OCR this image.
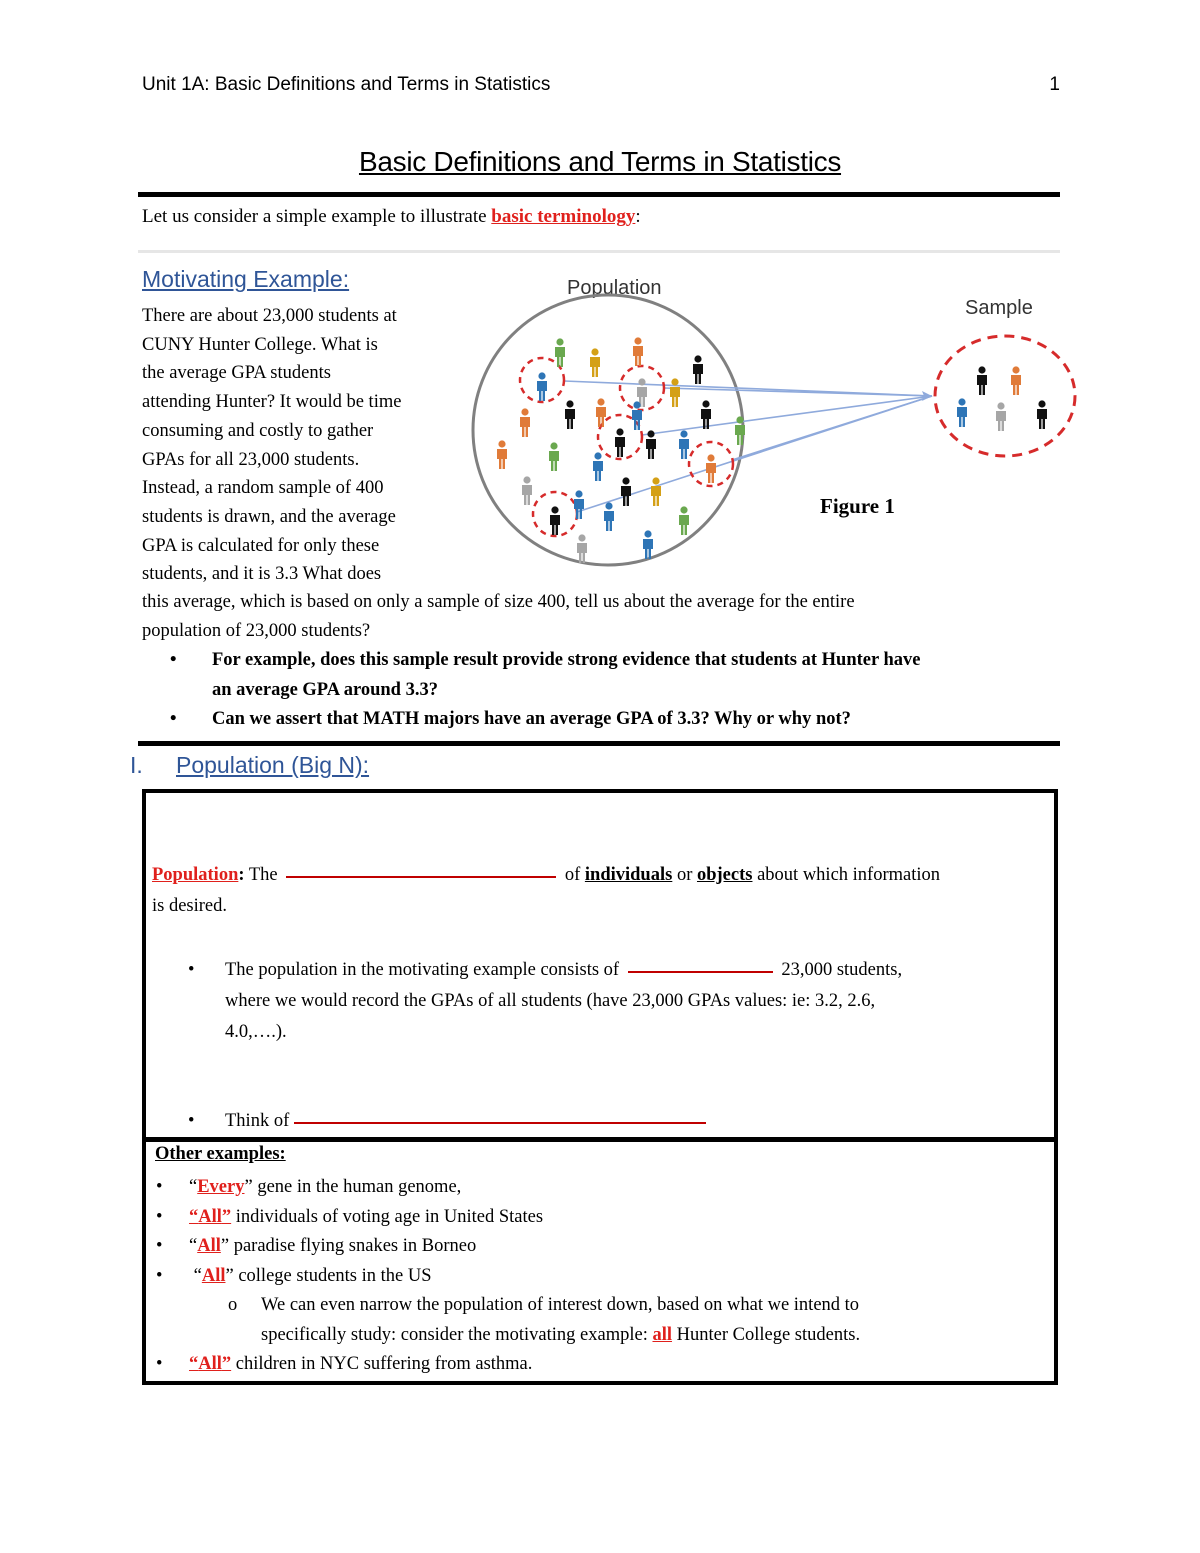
Unit 1A: Basic Definitions and Terms in Statistics	1
Basic Definitions and Terms in Statistics
Let us consider a simple example to illustrate basic terminology:
Motivating Example:
There are about 23,000 students at
CUNY Hunter College. What is
the average GPA students
attending Hunter? It would be time
consuming and costly to gather
GPAs for all 23,000 students.
Instead, a random sample of 400
students is drawn, and the average
GPA is calculated for only these
students, and it is 3.3 What does
Population
Sample
Figure 1
this average, which is based on only a sample of size 400, tell us about the average for the entire
population of 23,000 students?
• For example, does this sample result provide strong evidence that students at Hunter have
an average GPA around 3.3?
• Can we assert that MATH majors have an average GPA of 3.3? Why or why not?
I. Population (Big N):
Population: The	of individuals or objects about which information
is desired.
• The population in the motivating example consists of	23,000 students,
where we would record the GPAs of all students (have 23,000 GPAs values: ie: 3.2, 2.6,
4.0,….).
• Think of
Other examples:
• “Every” gene in the human genome,
• “All” individuals of voting age in United States
• “All” paradise flying snakes in Borneo
•  “All” college students in the US
o We can even narrow the population of interest down, based on what we intend to
specifically study: consider the motivating example: all Hunter College students.
• “All” children in NYC suffering from asthma.
